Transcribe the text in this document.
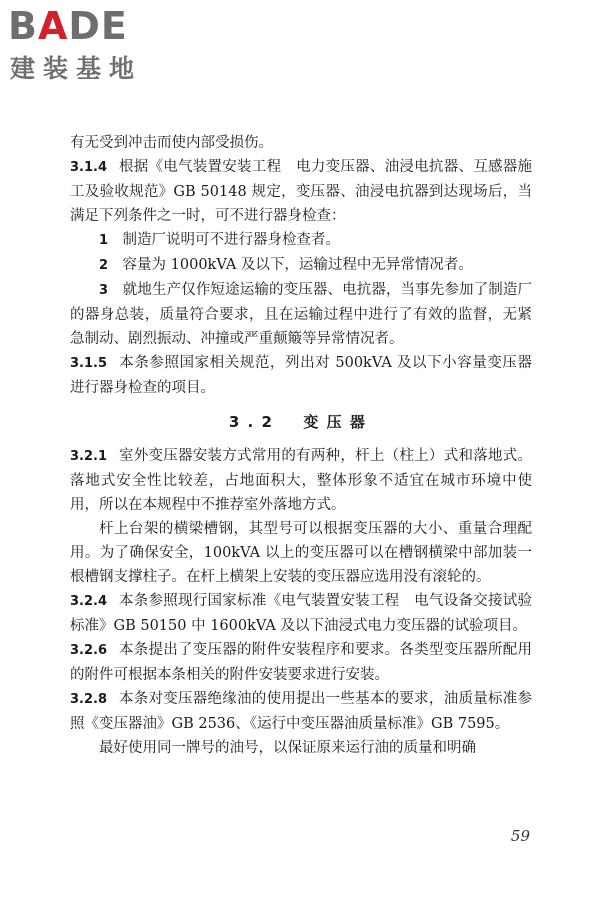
BADE
建装基地

有无受到冲击而使内部受损伤。

3.1.4 根据《电气装置安装工程　电力变压器、油浸电抗器、互感器施工及验收规范》GB 50148 规定，变压器、油浸电抗器到达现场后，当满足下列条件之一时，可不进行器身检查：

1　 制造厂说明可不进行器身检查者。

2　 容量为 1000kVA 及以下，运输过程中无异常情况者。

3　 就地生产仅作短途运输的变压器、电抗器，当事先参加了制造厂的器身总装，质量符合要求，且在运输过程中进行了有效的监督，无紧急制动、剧烈振动、冲撞或严重颠簸等异常情况者。

3.1.5 本条参照国家相关规范，列出对 500kVA 及以下小容量变压器进行器身检查的项目。

3.2　 变压器

3.2.1 室外变压器安装方式常用的有两种，杆上（柱上）式和落地式。落地式安全性比较差，占地面积大，整体形象不适宜在城市环境中使用，所以在本规程中不推荐室外落地方式。

杆上台架的横梁槽钢，其型号可以根据变压器的大小、重量合理配用。为了确保安全，100kVA 以上的变压器可以在槽钢横梁中部加装一根槽钢支撑柱子。在杆上横架上安装的变压器应选用没有滚轮的。

3.2.4 本条参照现行国家标准《电气装置安装工程　电气设备交接试验标准》GB 50150 中 1600kVA 及以下油浸式电力变压器的试验项目。

3.2.6 本条提出了变压器的附件安装程序和要求。各类型变压器所配用的附件可根据本条相关的附件安装要求进行安装。

3.2.8 本条对变压器绝缘油的使用提出一些基本的要求，油质量标准参照《变压器油》GB 2536、《运行中变压器油质量标准》GB 7595。

最好使用同一牌号的油号，以保证原来运行油的质量和明确

59
